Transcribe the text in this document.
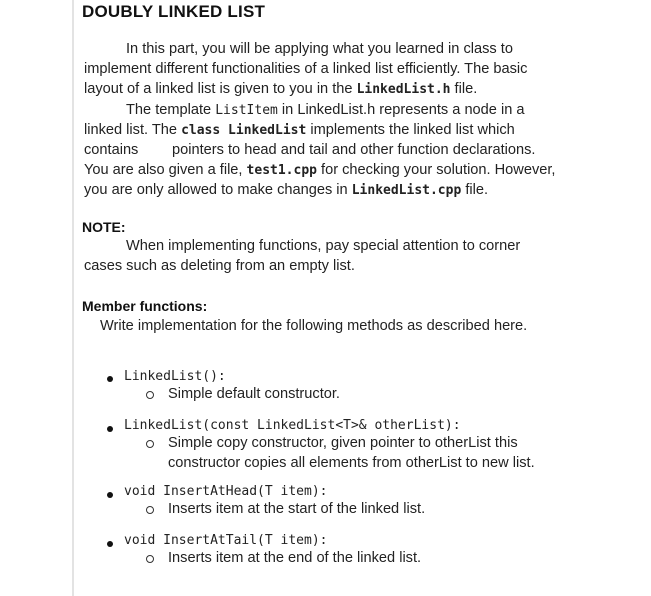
DOUBLY LINKED LIST
In this part, you will be applying what you learned in class to
implement different functionalities of a linked list efficiently. The basic
layout of a linked list is given to you in the LinkedList.h file.
The template ListItem in LinkedList.h represents a node in a
linked list. The class LinkedList implements the linked list which
contains pointers to head and tail and other function declarations.
You are also given a file, test1.cpp for checking your solution. However,
you are only allowed to make changes in LinkedList.cpp file.
NOTE:
When implementing functions, pay special attention to corner
cases such as deleting from an empty list.
Member functions:
Write implementation for the following methods as described here.
LinkedList():
Simple default constructor.
LinkedList(const LinkedList<T>& otherList):
Simple copy constructor, given pointer to otherList this
constructor copies all elements from otherList to new list.
void InsertAtHead(T item):
Inserts item at the start of the linked list.
void InsertAtTail(T item):
Inserts item at the end of the linked list.
